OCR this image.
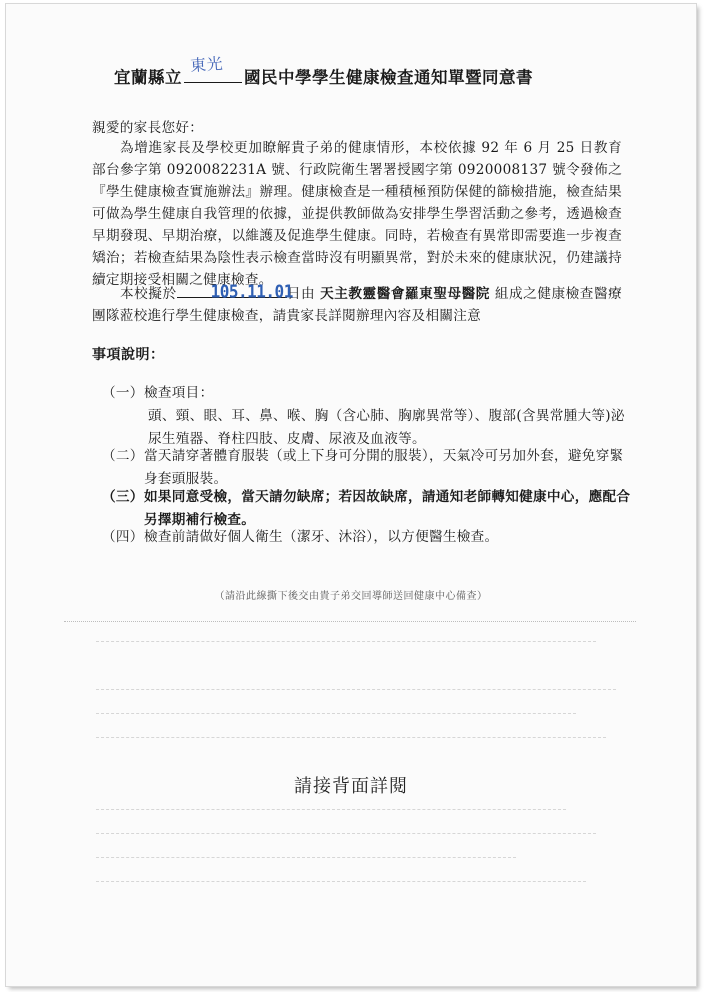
宜蘭縣立
東光
國民中學學生健康檢查通知單暨同意書
親愛的家長您好：
為增進家長及學校更加瞭解貴子弟的健康情形，本校依據 92 年 6 月 25 日教育部台參字第 0920082231A 號、行政院衛生署署授國字第 0920008137 號令發佈之『學生健康檢查實施辦法』辦理。健康檢查是一種積極預防保健的篩檢措施，檢查結果可做為學生健康自我管理的依據，並提供教師做為安排學生學習活動之參考，透過檢查早期發現、早期治療，以維護及促進學生健康。同時，若檢查有異常即需要進一步複查矯治；若檢查結果為陰性表示檢查當時沒有明顯異常，對於未來的健康狀況，仍建議持續定期接受相關之健康檢查。
本校擬於 105.11.01
日由 天主教靈醫會羅東聖母醫院 組成之健康檢查醫療團隊蒞校進行學生健康檢查，請貴家長詳閱辦理內容及相關注意
事項說明：
（一）檢查項目：
頭、頸、眼、耳、鼻、喉、胸（含心肺、胸廓異常等）、腹部(含異常腫大等)泌尿生殖器、脊柱四肢、皮膚、尿液及血液等。
（二） 當天請穿著體育服裝（或上下身可分開的服裝），天氣冷可另加外套，避免穿緊身套頭服裝。
（三） 如果同意受檢，當天請勿缺席；若因故缺席，請通知老師轉知健康中心，應配合另擇期補行檢查。
（四）檢查前請做好個人衛生（潔牙、沐浴），以方便醫生檢查。
（請沿此線撕下後交由貴子弟交回導師送回健康中心備查）
請接背面詳閱
